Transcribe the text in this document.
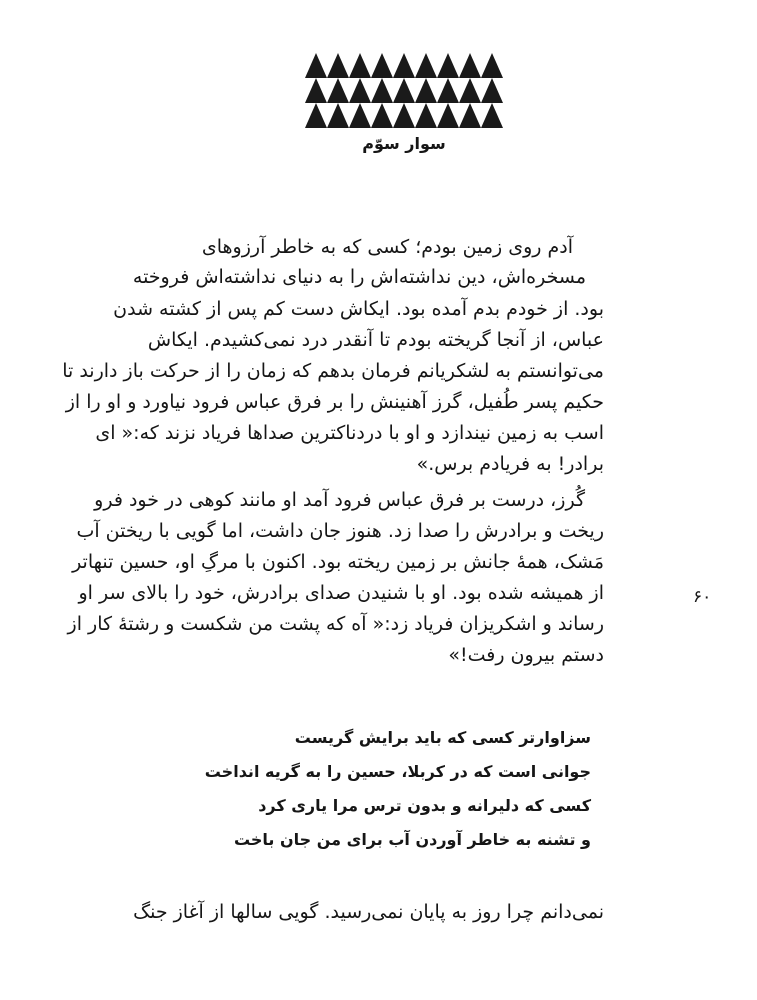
سوار سوّم
آدم روی زمین بودم؛ کسی که به خاطر آرزوهای
مسخره‌اش، دین نداشته‌اش را به دنیای نداشته‌اش فروخته
بود. از خودم بدم آمده بود. ایکاش دست کم پس از کشته شدن
عباس، از آنجا گریخته بودم تا آنقدر درد نمی‌کشیدم. ایکاش
می‌توانستم به لشکریانم فرمان بدهم که زمان را از حرکت باز دارند تا
حکیم پسر طُفیل، گرز آهنینش را بر فرق عباس فرود نیاورد و او را از
اسب به زمین نیندازد و او با دردناکترین صداها فریاد نزند که:« ای
برادر! به فریادم برس.»
گُرز، درست بر فرق عباس فرود آمد او مانند کوهی در خود فرو
ریخت و برادرش را صدا زد. هنوز جان داشت، اما گویی با ریختن آب
مَشک، همهٔ جانش بر زمین ریخته بود. اکنون با مرگِ او، حسین تنهاتر
از همیشه شده بود. او با شنیدن صدای برادرش، خود را بالای سر او
رساند و اشکریزان فریاد زد:« آه که پشت من شکست و رشتهٔ کار از
دستم بیرون رفت!»
۶۰
سزاوارتر کسی که باید برایش گریست
جوانی است که در کربلا، حسین را به گریه انداخت
کسی که دلیرانه و بدون ترس مرا یاری کرد
و تشنه به خاطر آوردن آب برای من جان باخت
نمی‌دانم چرا روز به پایان نمی‌رسید. گویی سالها از آغاز جنگ
